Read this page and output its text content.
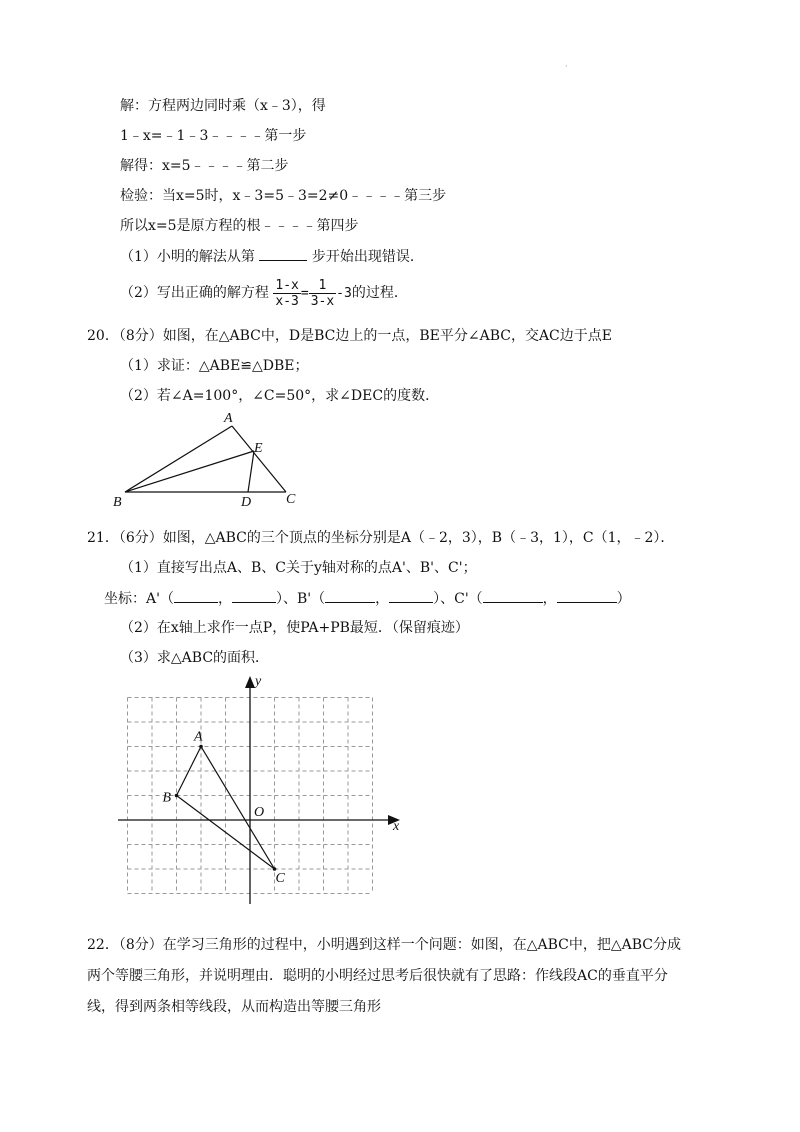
·
解：方程两边同时乘（x﹣3），得
1﹣x=﹣1﹣3﹣﹣﹣﹣第一步
解得：x=5﹣﹣﹣﹣第二步
检验：当x=5时，x﹣3=5﹣3=2≠0﹣﹣﹣﹣第三步
所以x=5是原方程的根﹣﹣﹣﹣第四步
（1）小明的解法从第	步开始出现错误．
（2）写出正确的解方程 $\frac{1-x}{x-3} = \frac{1}{3-x} -3$的过程．
20．（8分）如图，在△ABC中，D是BC边上的一点，BE平分∠ABC，交AC边于点E
（1）求证：△ABE≌△DBE；
（2）若∠A=100°，∠C=50°，求∠DEC的度数．
A
E
B	D C
21．（6分）如图，△ABC的三个顶点的坐标分别是A（﹣2，3），B（﹣3，1），C（1，﹣2）．
（1）直接写出点A、B、C关于y轴对称的点A'、B'、C'；
坐标：A'（	，	）、B'（	，	）、C'（	，	）
（2）在x轴上求作一点P，使PA+PB最短．（保留痕迹）
（3）求△ABC的面积．
y
x
O
A
B
C
22．（8分）在学习三角形的过程中，小明遇到这样一个问题：如图，在△ABC中，把△ABC分成
两个等腰三角形，并说明理由．聪明的小明经过思考后很快就有了思路：作线段AC的垂直平分
线，得到两条相等线段，从而构造出等腰三角形
